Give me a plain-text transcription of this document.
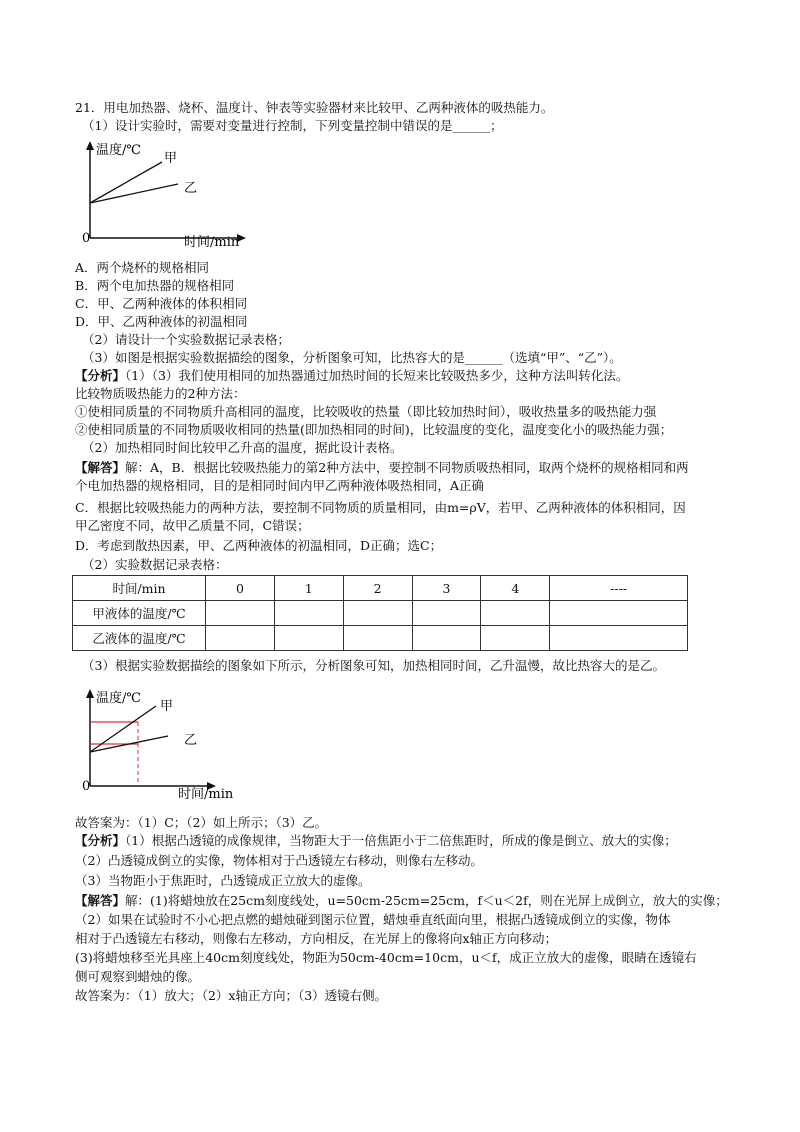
21．用电加热器、烧杯、温度计、钟表等实验器材来比较甲、乙两种液体的吸热能力。
（1）设计实验时，需要对变量进行控制，下列变量控制中错误的是______；
温度/℃
甲
乙
0	时间/min
A．两个烧杯的规格相同
B．两个电加热器的规格相同
C．甲、乙两种液体的体积相同
D．甲、乙两种液体的初温相同
（2）请设计一个实验数据记录表格；
（3）如图是根据实验数据描绘的图象，分析图象可知，比热容大的是______（选填“甲”、“乙”）。
【分析】（1）（3）我们使用相同的加热器通过加热时间的长短来比较吸热多少，这种方法叫转化法。
比较物质吸热能力的2种方法：
①使相同质量的不同物质升高相同的温度，比较吸收的热量（即比较加热时间），吸收热量多的吸热能力强
②使相同质量的不同物质吸收相同的热量(即加热相同的时间)，比较温度的变化，温度变化小的吸热能力强；
（2）加热相同时间比较甲乙升高的温度，据此设计表格。
【解答】解：A，B．根据比较吸热能力的第2种方法中，要控制不同物质吸热相同，取两个烧杯的规格相同和两
个电加热器的规格相同，目的是相同时间内甲乙两种液体吸热相同，A正确
C．根据比较吸热能力的两种方法，要控制不同物质的质量相同，由m=ρV，若甲、乙两种液体的体积相同，因
甲乙密度不同，故甲乙质量不同，C错误；
D．考虑到散热因素，甲、乙两种液体的初温相同，D正确；选C；
（2）实验数据记录表格：
时间/min	0	1	2	3	4	----
甲液体的温度/℃						
乙液体的温度/℃						
（3）根据实验数据描绘的图象如下所示，分析图象可知，加热相同时间，乙升温慢，故比热容大的是乙。
温度/℃
甲
乙
0
时间/min
故答案为：（1）C；（2）如上所示；（3）乙。
【分析】（1）根据凸透镜的成像规律，当物距大于一倍焦距小于二倍焦距时，所成的像是倒立、放大的实像；
（2）凸透镜成倒立的实像，物体相对于凸透镜左右移动，则像右左移动。
（3）当物距小于焦距时，凸透镜成正立放大的虚像。
【解答】解：(1)将蜡烛放在25cm刻度线处，u=50cm-25cm=25cm，f＜u＜2f，则在光屏上成倒立，放大的实像；
（2）如果在试验时不小心把点燃的蜡烛碰到图示位置，蜡烛垂直纸面向里，根据凸透镜成倒立的实像，物体
相对于凸透镜左右移动，则像右左移动，方向相反，在光屏上的像将向x轴正方向移动；
(3)将蜡烛移至光具座上40cm刻度线处，物距为50cm-40cm=10cm，u＜f，成正立放大的虚像，眼睛在透镜右
侧可观察到蜡烛的像。
故答案为：（1）放大；（2）x轴正方向；（3）透镜右侧。
